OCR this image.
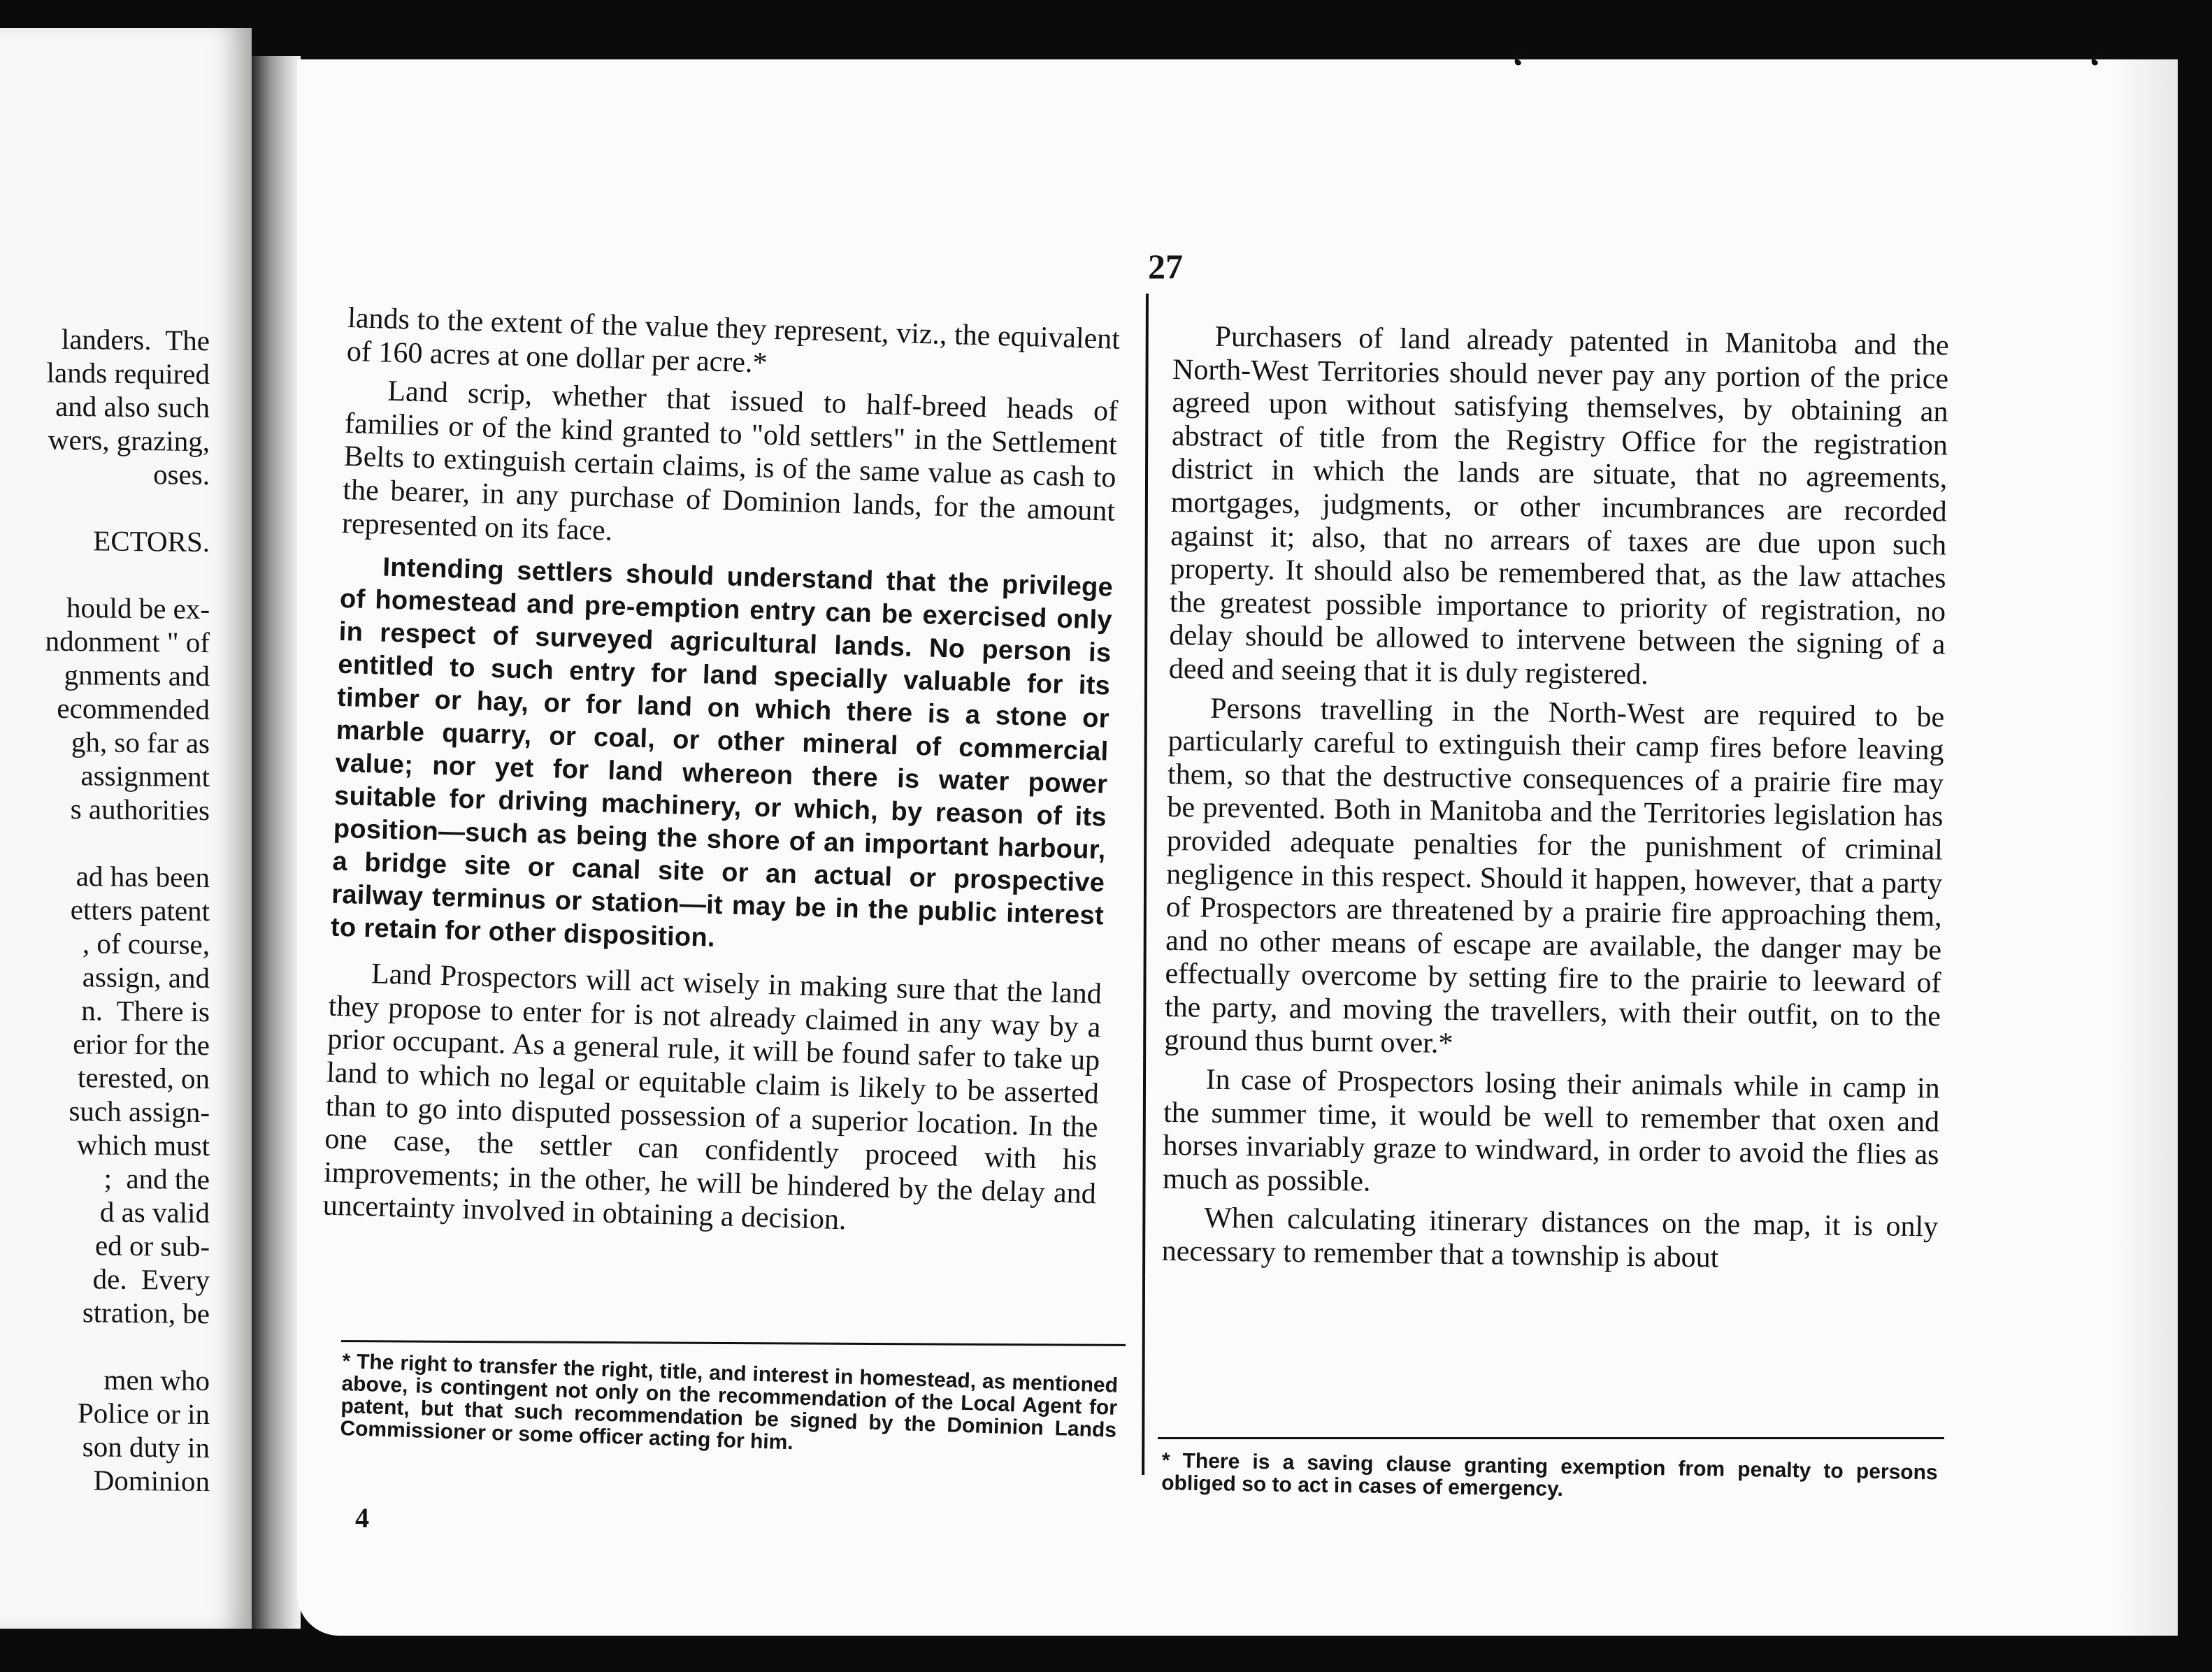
landers.  The
lands required
and also such
wers, grazing,
oses.

ECTORS.

hould be ex-
ndonment " of
gnments and
ecommended
gh, so far as
assignment
s authorities

ad has been
etters patent
, of course,
assign, and
n.  There is
erior for the
terested, on
such assign-
which must
;  and the
d as valid
ed or sub-
de.  Every
stration, be

men who
Police or in
son duty in
Dominion
‘	‘
27

lands to the extent of the value they represent, viz., the equivalent of 160 acres at one dollar per acre.*

Land scrip, whether that issued to half-breed heads of families or of the kind granted to "old settlers" in the Settlement Belts to extinguish certain claims, is of the same value as cash to the bearer, in any purchase of Dominion lands, for the amount represented on its face.

Intending settlers should understand that the privilege of homestead and pre-emption entry can be exercised only in respect of surveyed agricultural lands. No person is entitled to such entry for land specially valuable for its timber or hay, or for land on which there is a stone or marble quarry, or coal, or other mineral of commercial value; nor yet for land whereon there is water power suitable for driving machinery, or which, by reason of its position—such as being the shore of an important harbour, a bridge site or canal site or an actual or prospective railway terminus or station—it may be in the public interest to retain for other disposition.

Land Prospectors will act wisely in making sure that the land they propose to enter for is not already claimed in any way by a prior occupant. As a general rule, it will be found safer to take up land to which no legal or equitable claim is likely to be asserted than to go into disputed possession of a superior location. In the one case, the settler can confidently proceed with his improvements; in the other, he will be hindered by the delay and uncertainty involved in obtaining a decision.

Purchasers of land already patented in Manitoba and the North-West Territories should never pay any portion of the price agreed upon without satisfying themselves, by obtaining an abstract of title from the Registry Office for the registration district in which the lands are situate, that no agreements, mortgages, judgments, or other incumbrances are recorded against it; also, that no arrears of taxes are due upon such property. It should also be remembered that, as the law attaches the greatest possible importance to priority of registration, no delay should be allowed to intervene between the signing of a deed and seeing that it is duly registered.

Persons travelling in the North-West are required to be particularly careful to extinguish their camp fires before leaving them, so that the destructive consequences of a prairie fire may be prevented. Both in Manitoba and the Territories legislation has provided adequate penalties for the punishment of criminal negligence in this respect. Should it happen, however, that a party of Prospectors are threatened by a prairie fire approaching them, and no other means of escape are available, the danger may be effectually overcome by setting fire to the prairie to leeward of the party, and moving the travellers, with their outfit, on to the ground thus burnt over.*

In case of Prospectors losing their animals while in camp in the summer time, it would be well to remember that oxen and horses invariably graze to windward, in order to avoid the flies as much as possible.

When calculating itinerary distances on the map, it is only necessary to remember that a township is about

* The right to transfer the right, title, and interest in homestead, as mentioned above, is contingent not only on the recommendation of the Local Agent for patent, but that such recommendation be signed by the Dominion Lands Commissioner or some officer acting for him.
* There is a saving clause granting exemption from penalty to persons obliged so to act in cases of emergency.
4
